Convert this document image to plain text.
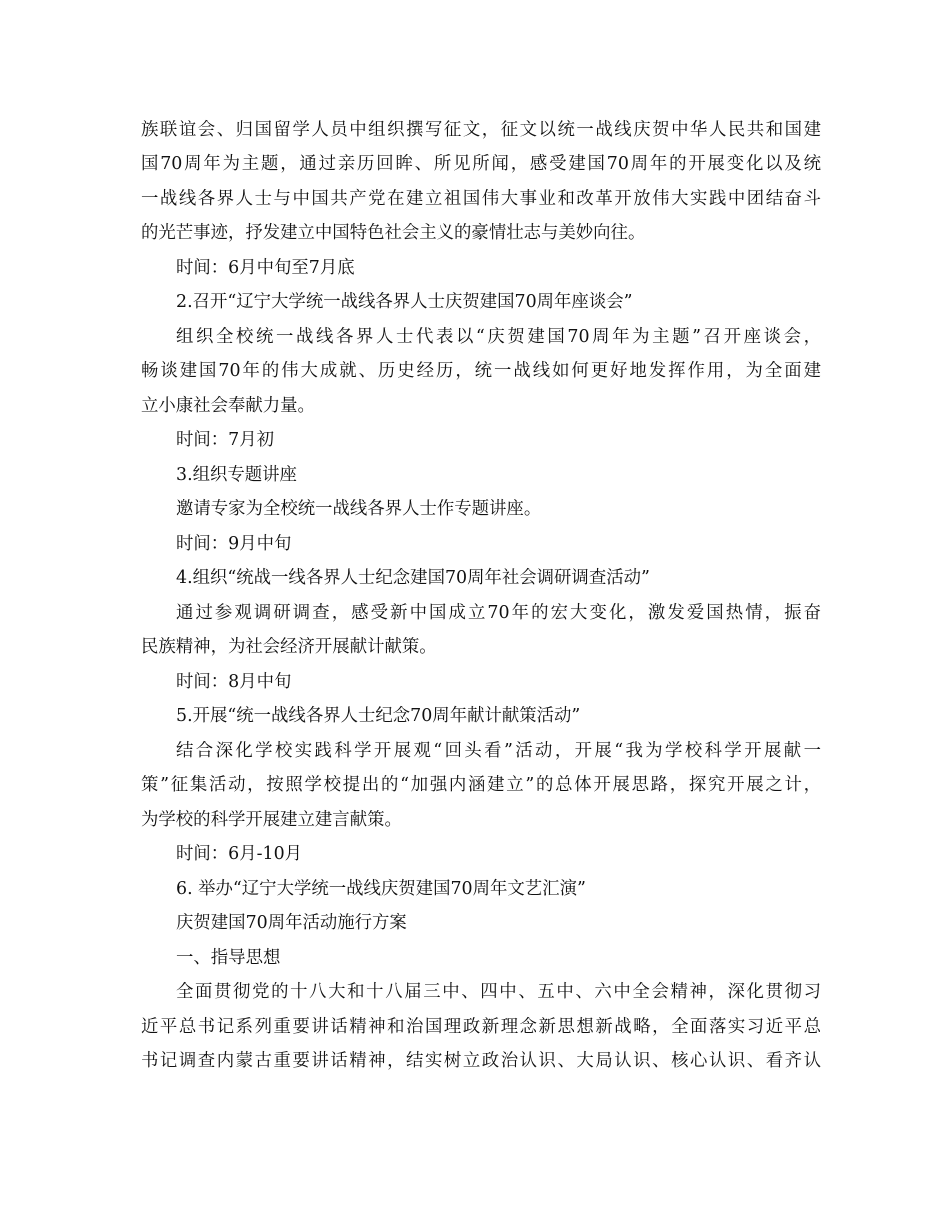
族联谊会、归国留学人员中组织撰写征文，征文以统一战线庆贺中华人民共和国建
国70周年为主题，通过亲历回眸、所见所闻，感受建国70周年的开展变化以及统
一战线各界人士与中国共产党在建立祖国伟大事业和改革开放伟大实践中团结奋斗
的光芒事迹，抒发建立中国特色社会主义的豪情壮志与美妙向往。
时间：6月中旬至7月底
2.召开“辽宁大学统一战线各界人士庆贺建国70周年座谈会”
组织全校统一战线各界人士代表以“庆贺建国70周年为主题”召开座谈会，
畅谈建国70年的伟大成就、历史经历，统一战线如何更好地发挥作用，为全面建
立小康社会奉献力量。
时间：7月初
3.组织专题讲座
邀请专家为全校统一战线各界人士作专题讲座。
时间：9月中旬
4.组织“统战一线各界人士纪念建国70周年社会调研调查活动”
通过参观调研调查，感受新中国成立70年的宏大变化，激发爱国热情，振奋
民族精神，为社会经济开展献计献策。
时间：8月中旬
5.开展“统一战线各界人士纪念70周年献计献策活动”
结合深化学校实践科学开展观“回头看”活动，开展“我为学校科学开展献一
策”征集活动，按照学校提出的“加强内涵建立”的总体开展思路，探究开展之计，
为学校的科学开展建立建言献策。
时间：6月-10月
6. 举办“辽宁大学统一战线庆贺建国70周年文艺汇演”
庆贺建国70周年活动施行方案
一、指导思想
全面贯彻党的十八大和十八届三中、四中、五中、六中全会精神，深化贯彻习
近平总书记系列重要讲话精神和治国理政新理念新思想新战略，全面落实习近平总
书记调查内蒙古重要讲话精神，结实树立政治认识、大局认识、核心认识、看齐认
